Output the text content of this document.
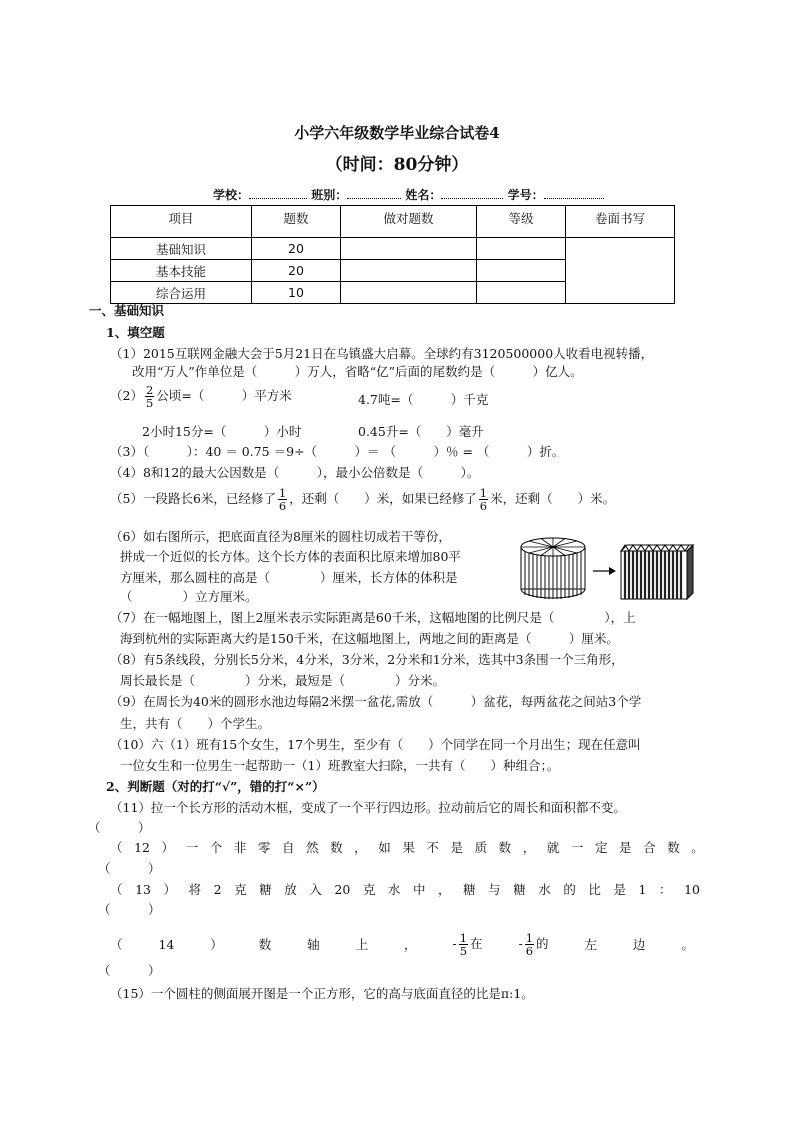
小学六年级数学毕业综合试卷4
（时间：80分钟）
学校：	班别：	姓名：	学号：
项目	题数	做对题数	等级	卷面书写
基础知识	20			
基本技能	20			
综合运用	10			
一、基础知识
1、填空题
（1）2015互联网金融大会于5月21日在乌镇盛大启幕。全球约有3120500000人收看电视转播，
改用“万人”作单位是（　　　）万人，省略“亿”后面的尾数约是（　　　）亿人。
$(2) \frac{2}{5}$ 公顷=（　　　）平方米	4.7吨=（　　　）千克
2小时15分=（　　　）小时	0.45升=（　　）毫升
（3）（　　　）：40 ＝ 0.75 ＝9÷（　　　）＝ （　　　）％ = （　　　）折。
（4）8和12的最大公因数是（　　　），最小公倍数是（　　　）。
（5）一段路长6米，已经修了 $\frac{1}{6}$ ，还剩（　　）米，如果已经修了 $\frac{1}{6}$ 米，还剩（　　）米。
（6）如右图所示，把底面直径为8厘米的圆柱切成若干等份，
拼成一个近似的长方体。这个长方体的表面积比原来增加80平
方厘米，那么圆柱的高是（　　　　）厘米，长方体的体积是
（　　　　）立方厘米。
（7）在一幅地图上，图上2厘米表示实际距离是60千米，这幅地图的比例尺是（　　　　），上
海到杭州的实际距离大约是150千米，在这幅地图上，两地之间的距离是（　　　）厘米。
（8）有5条线段，分别长5分米，4分米，3分米，2分米和1分米，选其中3条围一个三角形，
周长最长是（　　　　）分米，最短是（　　　　）分米。
（9）在周长为40米的圆形水池边每隔2米摆一盆花,需放（　　　）盆花，每两盆花之间站3个学
生，共有（　　）个学生。
（10）六（1）班有15个女生，17个男生，至少有（　　）个同学在同一个月出生；现在任意叫
一位女生和一位男生一起帮助一（1）班教室大扫除，一共有（　　）种组合；。
2、判断题（对的打“√”，错的打“×”）
（11）拉一个长方形的活动木框，变成了一个平行四边形。拉动前后它的周长和面积都不变。
（　　　）
（ 12 ） 一 个 非 零 自 然 数 ， 如 果 不 是 质 数 ， 就 一 定 是 合 数 。
（　　　）
（ 13 ） 将 2 克 糖 放 入 20 克 水 中 ， 糖 与 糖 水 的 比 是 1 ： 10
（　　　）
（	14	）	数	轴	上	，	- $\frac{1}{5}$ 在	- $\frac{1}{6}$ 的	左	边	。
（　　　）
（15）一个圆柱的侧面展开图是一个正方形，它的高与底面直径的比是π:1。
